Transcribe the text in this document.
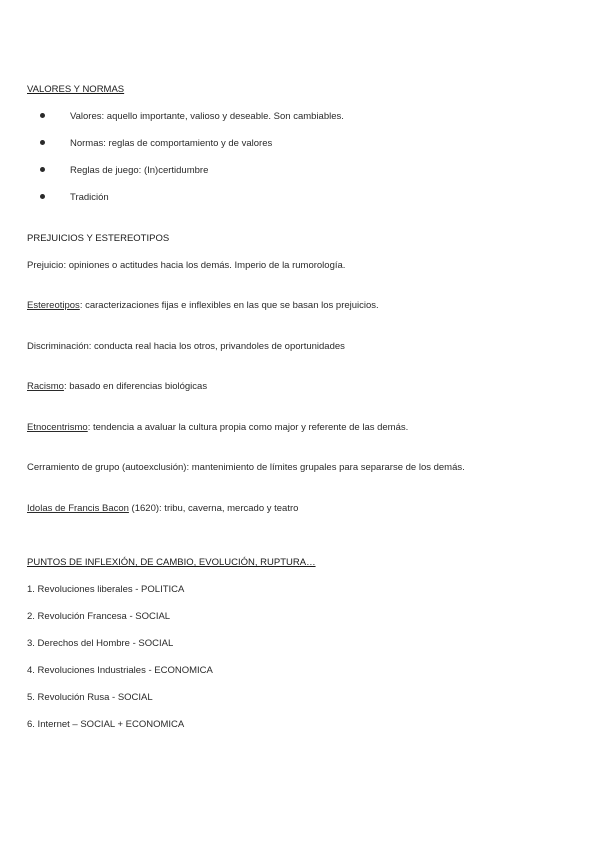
VALORES Y NORMAS
Valores: aquello importante, valioso y deseable. Son cambiables.
Normas: reglas de comportamiento y de valores
Reglas de juego: (In)certidumbre
Tradición
PREJUICIOS Y ESTEREOTIPOS
Prejuicio: opiniones o actitudes hacia los demás. Imperio de la rumorología.
Estereotipos: caracterizaciones fijas e inflexibles en las que se basan los prejuicios.
Discriminación: conducta real hacia los otros, privandoles de oportunidades
Racismo: basado en diferencias biológicas
Etnocentrismo: tendencia a avaluar la cultura propia como major y referente de las demás.
Cerramiento de grupo (autoexclusión): mantenimiento de límites grupales para separarse de los demás.
Idolas de Francis Bacon (1620): tribu, caverna, mercado y teatro
PUNTOS DE INFLEXIÓN, DE CAMBIO, EVOLUCIÓN, RUPTURA…
1. Revoluciones liberales - POLITICA
2. Revolución Francesa - SOCIAL
3. Derechos del Hombre - SOCIAL
4. Revoluciones Industriales - ECONOMICA
5. Revolución Rusa - SOCIAL
6. Internet – SOCIAL + ECONOMICA
